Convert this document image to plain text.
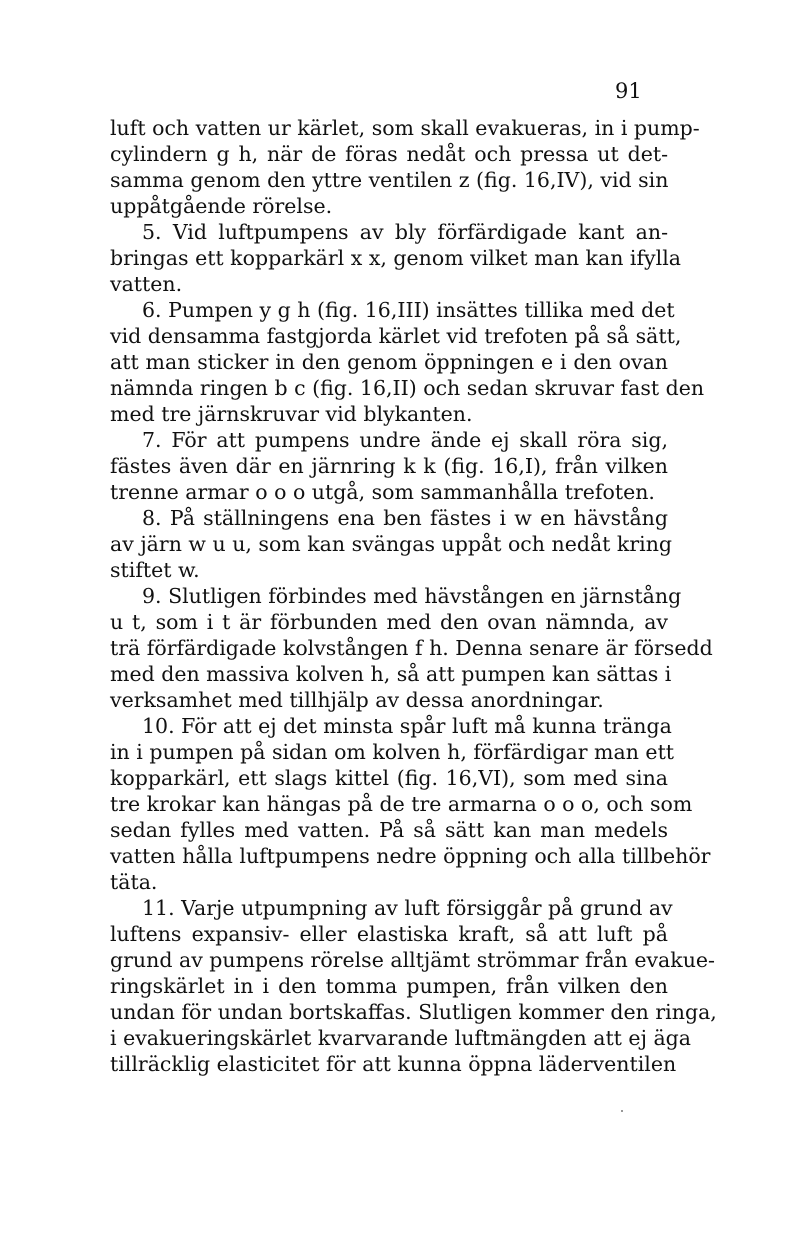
91
luft och vatten ur kärlet, som skall evakueras, in i pump-
cylindern g h, när de föras nedåt och pressa ut det-
samma genom den yttre ventilen z (fig. 16,IV), vid sin
uppåtgående rörelse.
5. Vid luftpumpens av bly förfärdigade kant an-
bringas ett kopparkärl x x, genom vilket man kan ifylla
vatten.
6. Pumpen y g h (fig. 16,III) insättes tillika med det
vid densamma fastgjorda kärlet vid trefoten på så sätt,
att man sticker in den genom öppningen e i den ovan
nämnda ringen b c (fig. 16,II) och sedan skruvar fast den
med tre järnskruvar vid blykanten.
7. För att pumpens undre ände ej skall röra sig,
fästes även där en järnring k k (fig. 16,I), från vilken
trenne armar o o o utgå, som sammanhålla trefoten.
8. På ställningens ena ben fästes i w en hävstång
av järn w u u, som kan svängas uppåt och nedåt kring
stiftet w.
9. Slutligen förbindes med hävstången en järnstång
u t, som i t är förbunden med den ovan nämnda, av
trä förfärdigade kolvstången f h. Denna senare är försedd
med den massiva kolven h, så att pumpen kan sättas i
verksamhet med tillhjälp av dessa anordningar.
10. För att ej det minsta spår luft må kunna tränga
in i pumpen på sidan om kolven h, förfärdigar man ett
kopparkärl, ett slags kittel (fig. 16,VI), som med sina
tre krokar kan hängas på de tre armarna o o o, och som
sedan fylles med vatten. På så sätt kan man medels
vatten hålla luftpumpens nedre öppning och alla tillbehör
täta.
11. Varje utpumpning av luft försiggår på grund av
luftens expansiv- eller elastiska kraft, så att luft på
grund av pumpens rörelse alltjämt strömmar från evakue-
ringskärlet in i den tomma pumpen, från vilken den
undan för undan bortskaffas. Slutligen kommer den ringa,
i evakueringskärlet kvarvarande luftmängden att ej äga
tillräcklig elasticitet för att kunna öppna läderventilen
